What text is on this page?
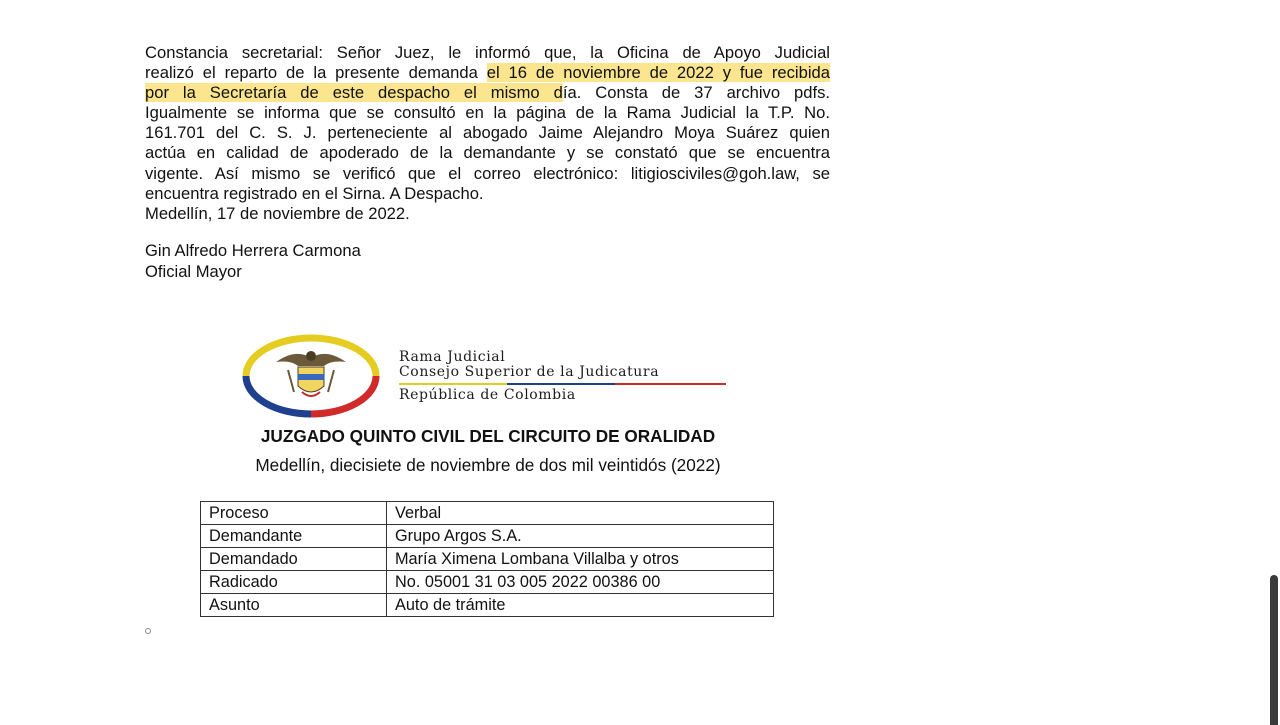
Constancia secretarial: Señor Juez, le informó que, la Oficina de Apoyo Judicial
realizó el reparto de la presente demanda el 16 de noviembre de 2022 y fue recibida
por la Secretaría de este despacho el mismo día. Consta de 37 archivo pdfs.
Igualmente se informa que se consultó en la página de la Rama Judicial la T.P. No.
161.701 del C. S. J. perteneciente al abogado Jaime Alejandro Moya Suárez quien
actúa en calidad de apoderado de la demandante y se constató que se encuentra
vigente. Así mismo se verificó que el correo electrónico: litigiosciviles@goh.law, se
encuentra registrado en el Sirna. A Despacho.
Medellín, 17 de noviembre de 2022.
Gin Alfredo Herrera Carmona
Oficial Mayor
Rama Judicial
Consejo Superior de la Judicatura
República de Colombia
JUZGADO QUINTO CIVIL DEL CIRCUITO DE ORALIDAD
Medellín, diecisiete de noviembre de dos mil veintidós (2022)
Proceso	Verbal
Demandante	Grupo Argos S.A.
Demandado	María Ximena Lombana Villalba y otros
Radicado	No. 05001 31 03 005 2022 00386 00
Asunto	Auto de trámite
